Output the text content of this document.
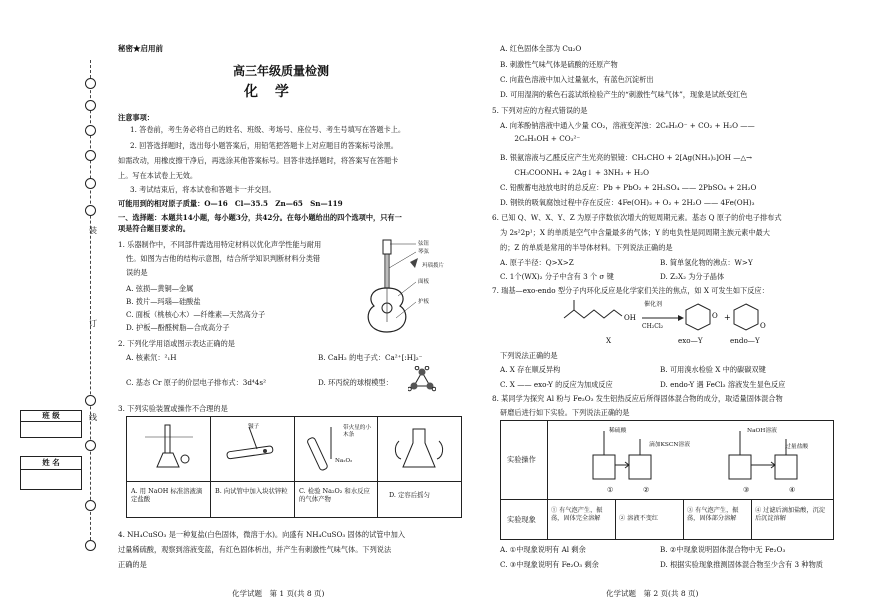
装
订
线
班 级
姓 名
秘密★启用前
高三年级质量检测
化 学
注意事项：
1. 答卷前，考生务必将自己的姓名、班级、考场号、座位号、考生号填写在答题卡上。
2. 回答选择题时，选出每小题答案后，用铅笔把答题卡上对应题目的答案标号涂黑。
如需改动，用橡皮擦干净后，再选涂其他答案标号。回答非选择题时，将答案写在答题卡
上。写在本试卷上无效。
3. 考试结束后，将本试卷和答题卡一并交回。
可能用到的相对原子质量：O—16　Cl—35.5　Zn—65　Sn—119
一、选择题：本题共14小题，每小题3分，共42分。在每小题给出的四个选项中，只有一
项是符合题目要求的。
1. 乐器制作中，不同部件需选用特定材料以优化声学性能与耐用
性。如图为吉他的结构示意图，结合所学知识判断材料分类错
误的是
A. 弦损—黄铜—金属
B. 拨片—玛瑙—硅酸盐
C. 面板（桃核心木）—纤维素—天然高分子
D. 护板—酚醛树脂—合成高分子
弦钮
琴弦
玛瑙拨片
面板
护板
2. 下列化学用语或图示表达正确的是
A. 核素氘：²₁H	B. CaH₂ 的电子式：Ca²⁺[:H]₂⁻
C. 基态 Cr 原子的价层电子排布式：3d⁴4s²	D. 环丙烷的球棍模型：
3. 下列实验装置或操作不合理的是
镊子	带火星的小木条
Na₂O₂
A. 用 NaOH 标准溶液滴定盐酸
B. 向试管中加入块状锌粒	C. 检验 Na₂O₂ 和水反应的气体产物	D. 定容后摇匀
4. NH₄CuSO₃ 是一种复盐(白色固体，微溶于水)。向盛有 NH₄CuSO₃ 固体的试管中加入
过量稀硫酸，观察到溶液变蓝，有红色固体析出，并产生有刺激性气味气体。下列说法
正确的是
化学试题　第 1 页(共 8 页)
A. 红色固体全部为 Cu₂O
B. 刺激性气味气体是硫酸的还原产物
C. 向蓝色溶液中加入过量氨水，有蓝色沉淀析出
D. 可用湿润的紫色石蕊试纸检验产生的“刺激性气味气体”，现象是试纸变红色
5. 下列对应的方程式错误的是
A. 向苯酚钠溶液中通入少量 CO₂，溶液变浑浊：2C₆H₅O⁻ + CO₂ + H₂O ——
　　2C₆H₅OH + CO₃²⁻
B. 银氨溶液与乙醛反应产生光亮的银镜：CH₃CHO + 2[Ag(NH₃)₂]OH —△→
　　CH₃COONH₄ + 2Ag↓ + 3NH₃ + H₂O
C. 铅酸蓄电池放电时的总反应：Pb + PbO₂ + 2H₂SO₄ —— 2PbSO₄ + 2H₂O
D. 钢铁的吸氧腐蚀过程中存在反应：4Fe(OH)₂ + O₂ + 2H₂O —— 4Fe(OH)₃
6. 已知 Q、W、X、Y、Z 为原子序数依次增大的短周期元素。基态 Q 原子的价电子排布式
为 2s²2p¹；X 的单质是空气中含量最多的气体；Y 的电负性是同周期主族元素中最大
的；Z 的单质是常用的半导体材料。下列说法正确的是
A. 原子半径：Q>X>Z	B. 简单氢化物的沸点：W>Y
C. 1个(WX)₂ 分子中含有 3 个 σ 键	D. Z₂X₂ 为分子晶体
7. 瑞基—exo-endo 型分子内环化反应是化学家们关注的焦点，如 X 可发生如下反应：
OH	O
O
+
催化剂
CH₂Cl₂
X	exo—Y	endo—Y
下列说法正确的是
A. X 存在顺反异构	B. 可用溴水检验 X 中的碳碳双键
C. X —— exo-Y 的反应为加成反应	D. endo-Y 遇 FeCl₃ 溶液发生显色反应
8. 某同学为探究 Al 粉与 Fe₂O₃ 发生铝热反应后所得固体混合物的成分，取适量固体混合物
研磨后进行如下实验。下列说法正确的是
实验操作
实验现象
稀硫酸
滴加KSCN溶液
NaOH溶液
过量盐酸
①	②	③	④
① 有气泡产生，振荡，固体完全溶解	② 溶液不变红
③ 有气泡产生，振荡，固体部分溶解
④ 过滤后滴加盐酸，沉淀后沉淀溶解
A. ①中现象说明有 Al 剩余	B. ②中现象说明固体混合物中无 Fe₂O₃
C. ③中现象说明有 Fe₂O₃ 剩余	D. 根据实验现象推测固体混合物至少含有 3 种物质
化学试题　第 2 页(共 8 页)
